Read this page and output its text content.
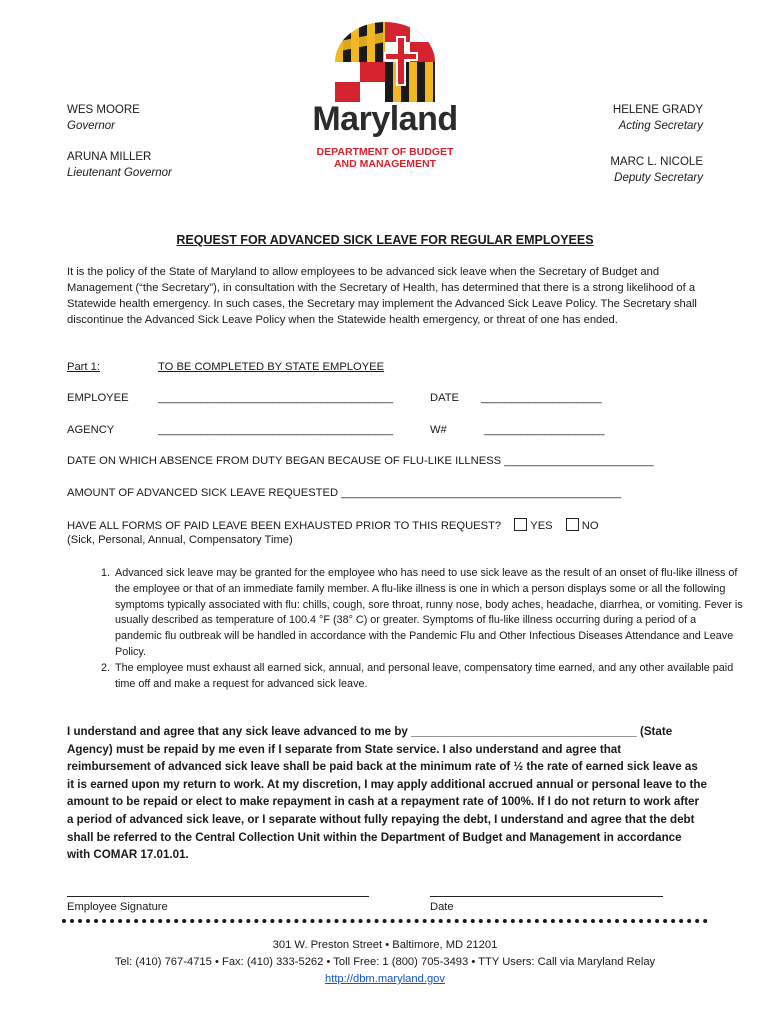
WES MOORE
Governor
ARUNA MILLER
Lieutenant Governor
HELENE GRADY
Acting Secretary
MARC L. NICOLE
Deputy Secretary
Maryland
DEPARTMENT OF BUDGET
AND MANAGEMENT
REQUEST FOR ADVANCED SICK LEAVE FOR REGULAR EMPLOYEES
It is the policy of the State of Maryland to allow employees to be advanced sick leave when the Secretary of Budget and Management (“the Secretary”), in consultation with the Secretary of Health, has determined that there is a strong likelihood of a Statewide health emergency. In such cases, the Secretary may implement the Advanced Sick Leave Policy. The Secretary shall discontinue the Advanced Sick Leave Policy when the Statewide health emergency, or threat of one has ended.
Part 1:	TO BE COMPLETED BY STATE EMPLOYEE
EMPLOYEE	_______________________________________	DATE ____________________
AGENCY	_______________________________________	W#	____________________
DATE ON WHICH ABSENCE FROM DUTY BEGAN BECAUSE OF FLU-LIKE ILLNESS ________________________
AMOUNT OF ADVANCED SICK LEAVE REQUESTED _____________________________________________
HAVE ALL FORMS OF PAID LEAVE BEEN EXHAUSTED PRIOR TO THIS REQUEST?	YES	NO
(Sick, Personal, Annual, Compensatory Time)
1. Advanced sick leave may be granted for the employee who has need to use sick leave as the result of an onset of flu-like illness of the employee or that of an immediate family member. A flu-like illness is one in which a person displays some or all the following symptoms typically associated with flu: chills, cough, sore throat, runny nose, body aches, headache, diarrhea, or vomiting. Fever is usually described as temperature of 100.4 °F (38° C) or greater. Symptoms of flu-like illness occurring during a period of a pandemic flu outbreak will be handled in accordance with the Pandemic Flu and Other Infectious Diseases Attendance and Leave Policy.
2. The employee must exhaust all earned sick, annual, and personal leave, compensatory time earned, and any other available paid time off and make a request for advanced sick leave.
I understand and agree that any sick leave advanced to me by ___________________________________ (State Agency) must be repaid by me even if I separate from State service. I also understand and agree that reimbursement of advanced sick leave shall be paid back at the minimum rate of ½ the rate of earned sick leave as it is earned upon my return to work. At my discretion, I may apply additional accrued annual or personal leave to the amount to be repaid or elect to make repayment in cash at a repayment rate of 100%. If I do not return to work after a period of advanced sick leave, or I separate without fully repaying the debt, I understand and agree that the debt shall be referred to the Central Collection Unit within the Department of Budget and Management in accordance with COMAR 17.01.01.
Employee Signature	Date
301 W. Preston Street • Baltimore, MD 21201
Tel: (410) 767-4715 • Fax: (410) 333-5262 • Toll Free: 1 (800) 705-3493 • TTY Users: Call via Maryland Relay
http://dbm.maryland.gov
